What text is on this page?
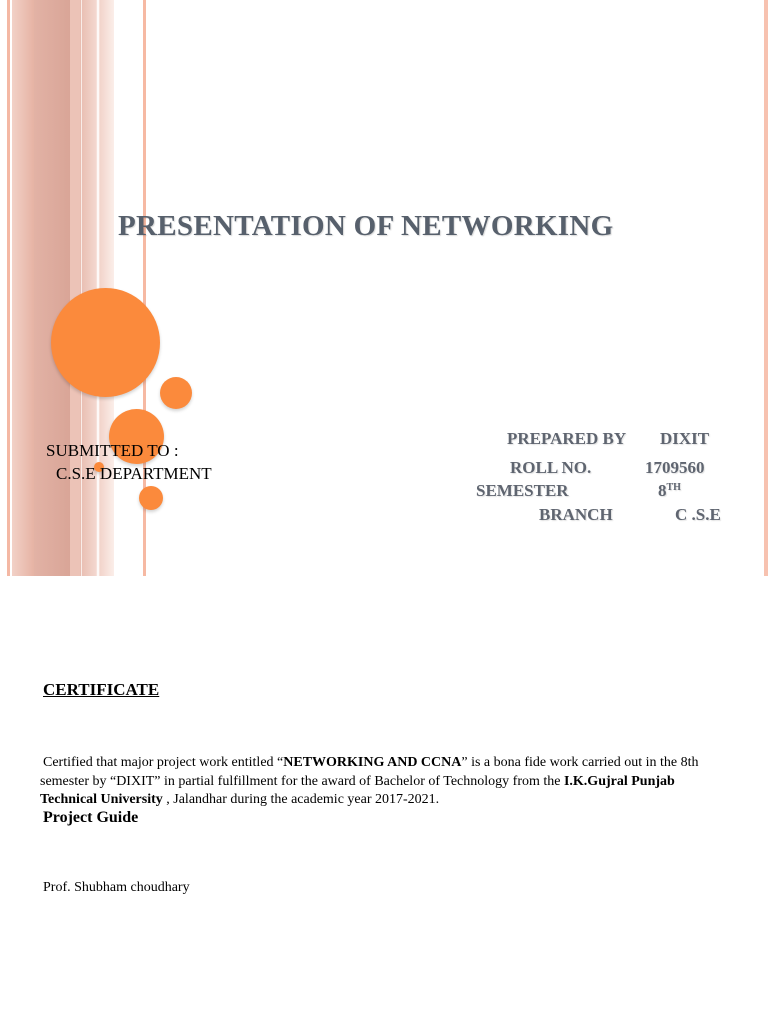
PRESENTATION OF NETWORKING
SUBMITTED TO :
C.S.E DEPARTMENT
PREPARED BY DIXIT
ROLL NO.	1709560
SEMESTER	8TH
BRANCH	C .S.E
CERTIFICATE
Certified that major project work entitled “NETWORKING AND CCNA” is a bona fide work carried out in the 8th semester by “DIXIT” in partial fulfillment for the award of Bachelor of Technology from the I.K.Gujral Punjab Technical University , Jalandhar during the academic year 2017-2021.
Project Guide
Prof. Shubham choudhary
